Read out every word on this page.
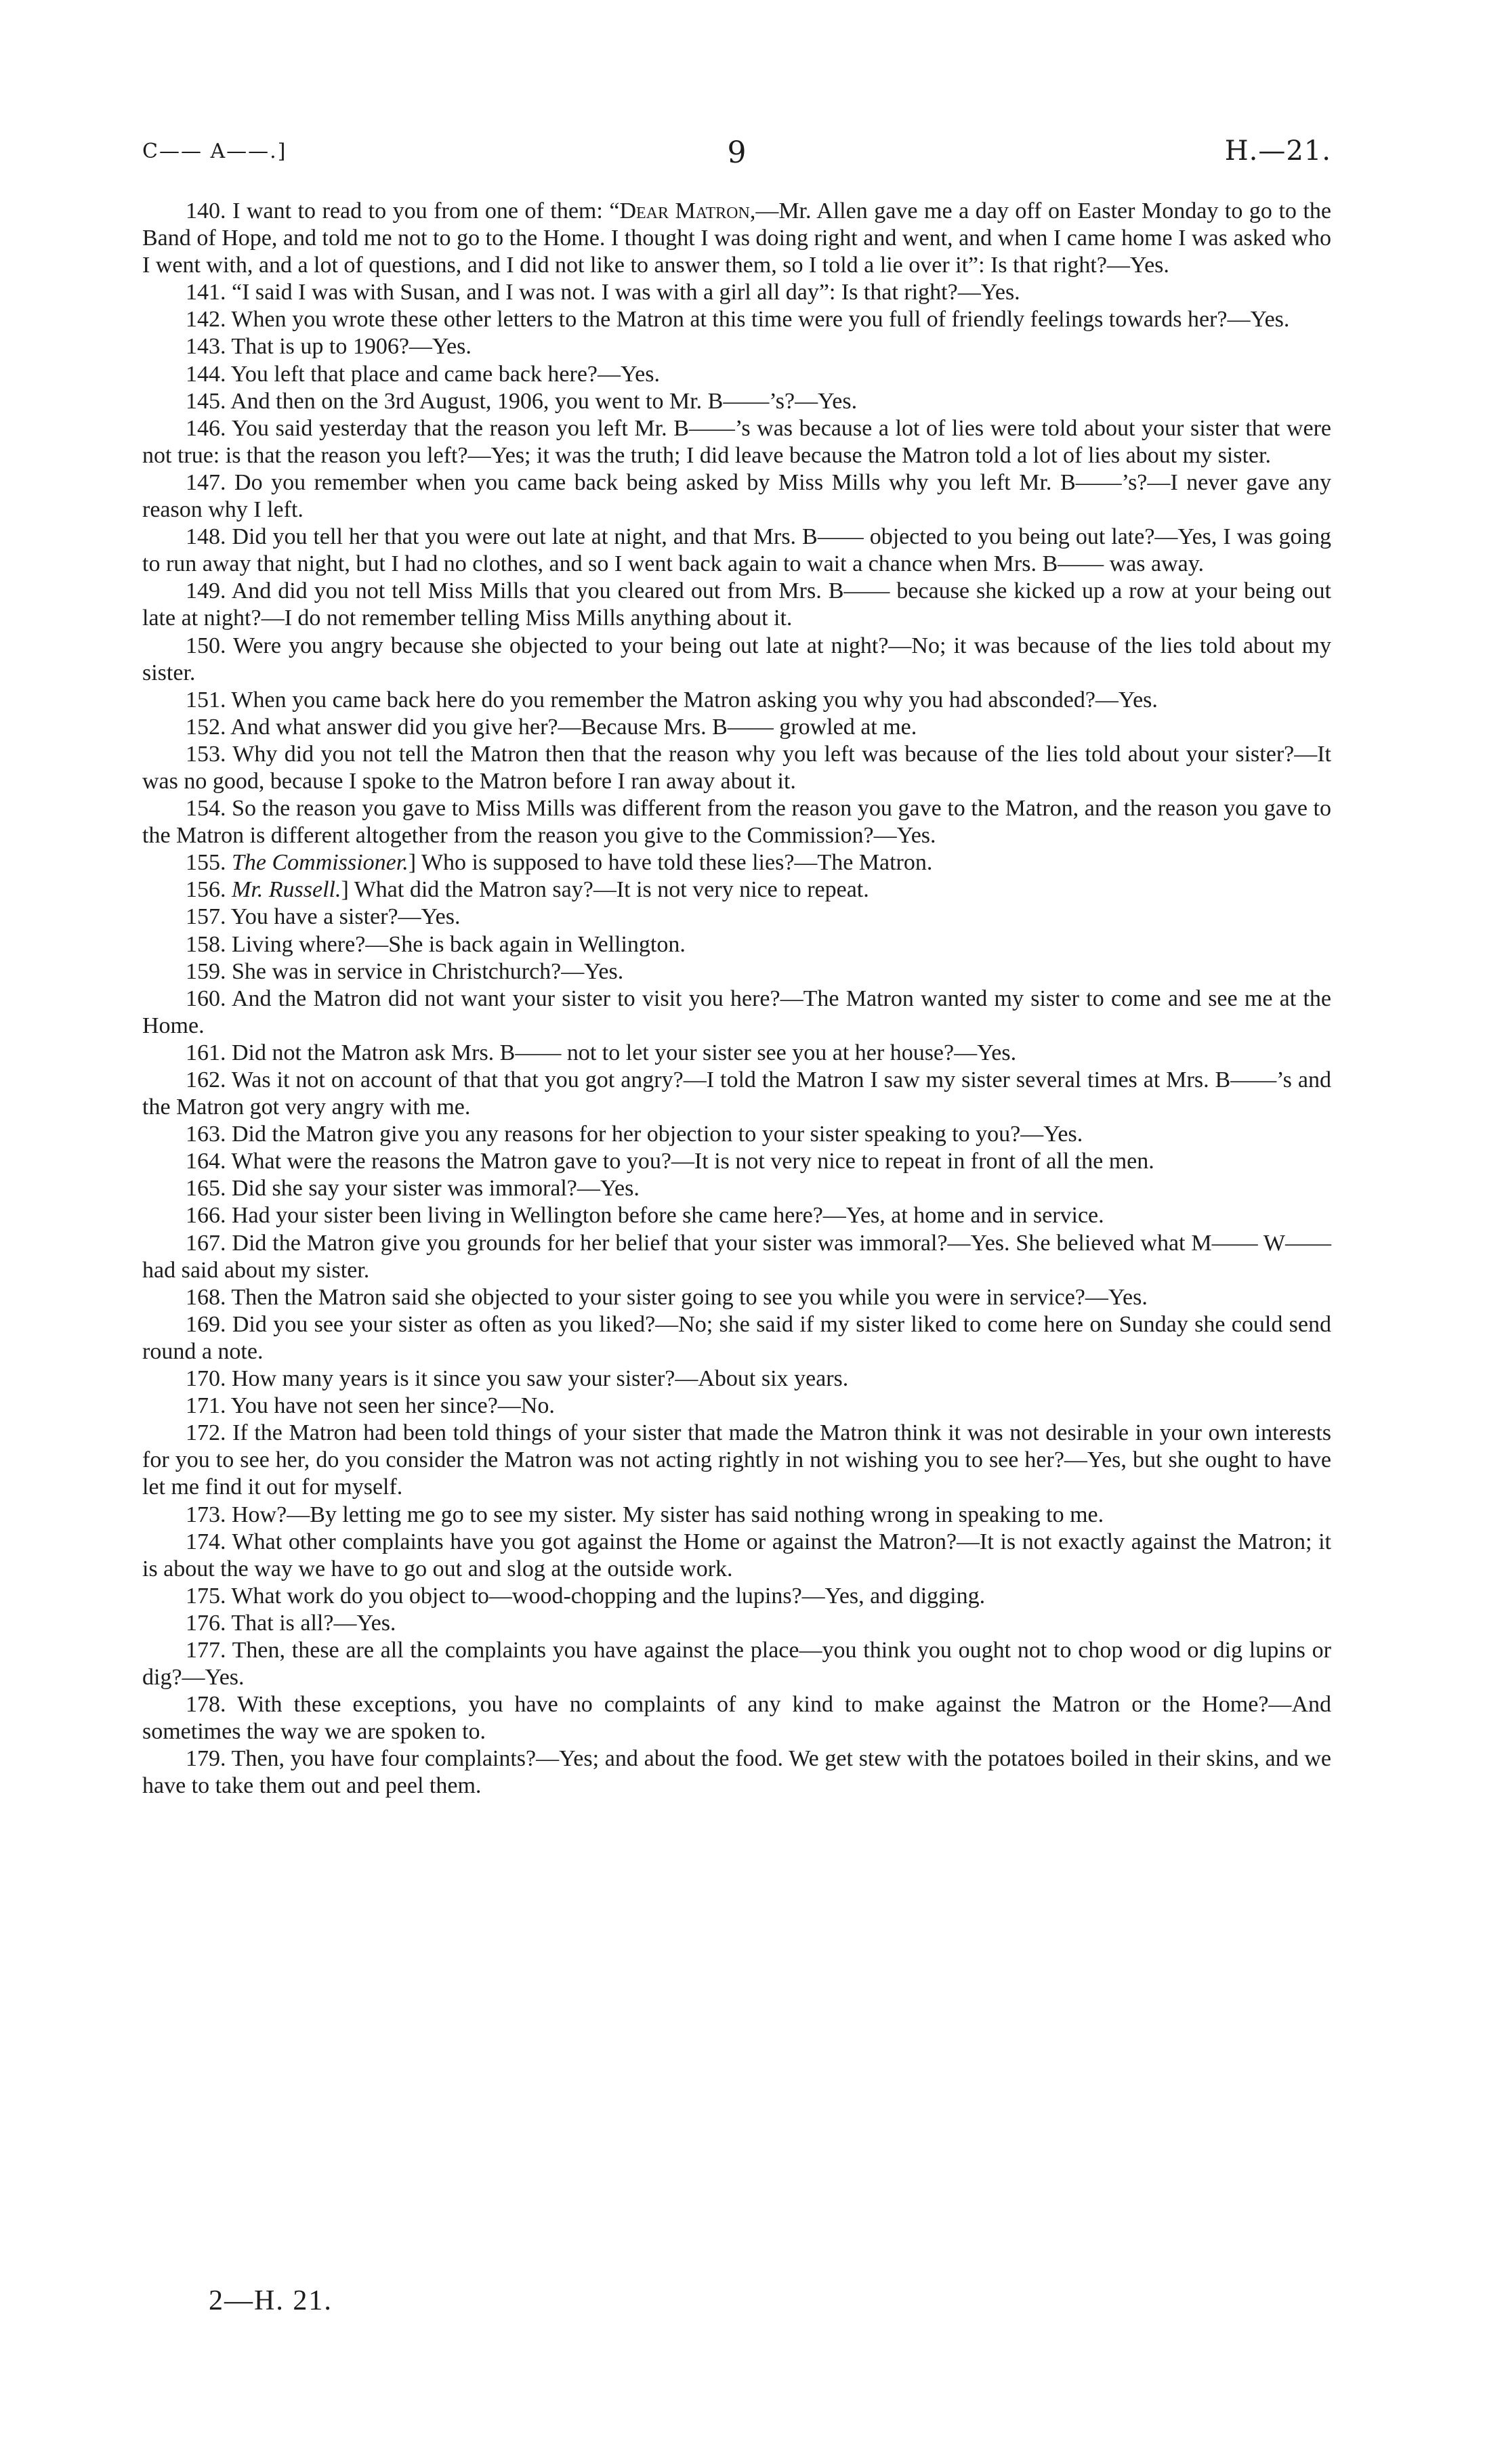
C—— A——.]	9	H.—21.

140. I want to read to you from one of them: “Dear Matron,—Mr. Allen gave me a day off on Easter Monday to go to the Band of Hope, and told me not to go to the Home. I thought I was doing right and went, and when I came home I was asked who I went with, and a lot of questions, and I did not like to answer them, so I told a lie over it”: Is that right?—Yes.

141. “I said I was with Susan, and I was not. I was with a girl all day”: Is that right?—Yes.

142. When you wrote these other letters to the Matron at this time were you full of friendly feelings towards her?—Yes.

143. That is up to 1906?—Yes.

144. You left that place and came back here?—Yes.

145. And then on the 3rd August, 1906, you went to Mr. B——’s?—Yes.

146. You said yesterday that the reason you left Mr. B——’s was because a lot of lies were told about your sister that were not true: is that the reason you left?—Yes; it was the truth; I did leave because the Matron told a lot of lies about my sister.

147. Do you remember when you came back being asked by Miss Mills why you left Mr. B——’s?—I never gave any reason why I left.

148. Did you tell her that you were out late at night, and that Mrs. B—— objected to you being out late?—Yes, I was going to run away that night, but I had no clothes, and so I went back again to wait a chance when Mrs. B—— was away.

149. And did you not tell Miss Mills that you cleared out from Mrs. B—— because she kicked up a row at your being out late at night?—I do not remember telling Miss Mills anything about it.

150. Were you angry because she objected to your being out late at night?—No; it was because of the lies told about my sister.

151. When you came back here do you remember the Matron asking you why you had absconded?—Yes.

152. And what answer did you give her?—Because Mrs. B—— growled at me.

153. Why did you not tell the Matron then that the reason why you left was because of the lies told about your sister?—It was no good, because I spoke to the Matron before I ran away about it.

154. So the reason you gave to Miss Mills was different from the reason you gave to the Matron, and the reason you gave to the Matron is different altogether from the reason you give to the Commission?—Yes.

155. The Commissioner.] Who is supposed to have told these lies?—The Matron.

156. Mr. Russell.] What did the Matron say?—It is not very nice to repeat.

157. You have a sister?—Yes.

158. Living where?—She is back again in Wellington.

159. She was in service in Christchurch?—Yes.

160. And the Matron did not want your sister to visit you here?—The Matron wanted my sister to come and see me at the Home.

161. Did not the Matron ask Mrs. B—— not to let your sister see you at her house?—Yes.

162. Was it not on account of that that you got angry?—I told the Matron I saw my sister several times at Mrs. B——’s and the Matron got very angry with me.

163. Did the Matron give you any reasons for her objection to your sister speaking to you?—Yes.

164. What were the reasons the Matron gave to you?—It is not very nice to repeat in front of all the men.

165. Did she say your sister was immoral?—Yes.

166. Had your sister been living in Wellington before she came here?—Yes, at home and in service.

167. Did the Matron give you grounds for her belief that your sister was immoral?—Yes. She believed what M—— W—— had said about my sister.

168. Then the Matron said she objected to your sister going to see you while you were in service?—Yes.

169. Did you see your sister as often as you liked?—No; she said if my sister liked to come here on Sunday she could send round a note.

170. How many years is it since you saw your sister?—About six years.

171. You have not seen her since?—No.

172. If the Matron had been told things of your sister that made the Matron think it was not desirable in your own interests for you to see her, do you consider the Matron was not acting rightly in not wishing you to see her?—Yes, but she ought to have let me find it out for myself.

173. How?—By letting me go to see my sister. My sister has said nothing wrong in speaking to me.

174. What other complaints have you got against the Home or against the Matron?—It is not exactly against the Matron; it is about the way we have to go out and slog at the outside work.

175. What work do you object to—wood-chopping and the lupins?—Yes, and digging.

176. That is all?—Yes.

177. Then, these are all the complaints you have against the place—you think you ought not to chop wood or dig lupins or dig?—Yes.

178. With these exceptions, you have no complaints of any kind to make against the Matron or the Home?—And sometimes the way we are spoken to.

179. Then, you have four complaints?—Yes; and about the food. We get stew with the potatoes boiled in their skins, and we have to take them out and peel them.

2—H. 21.
